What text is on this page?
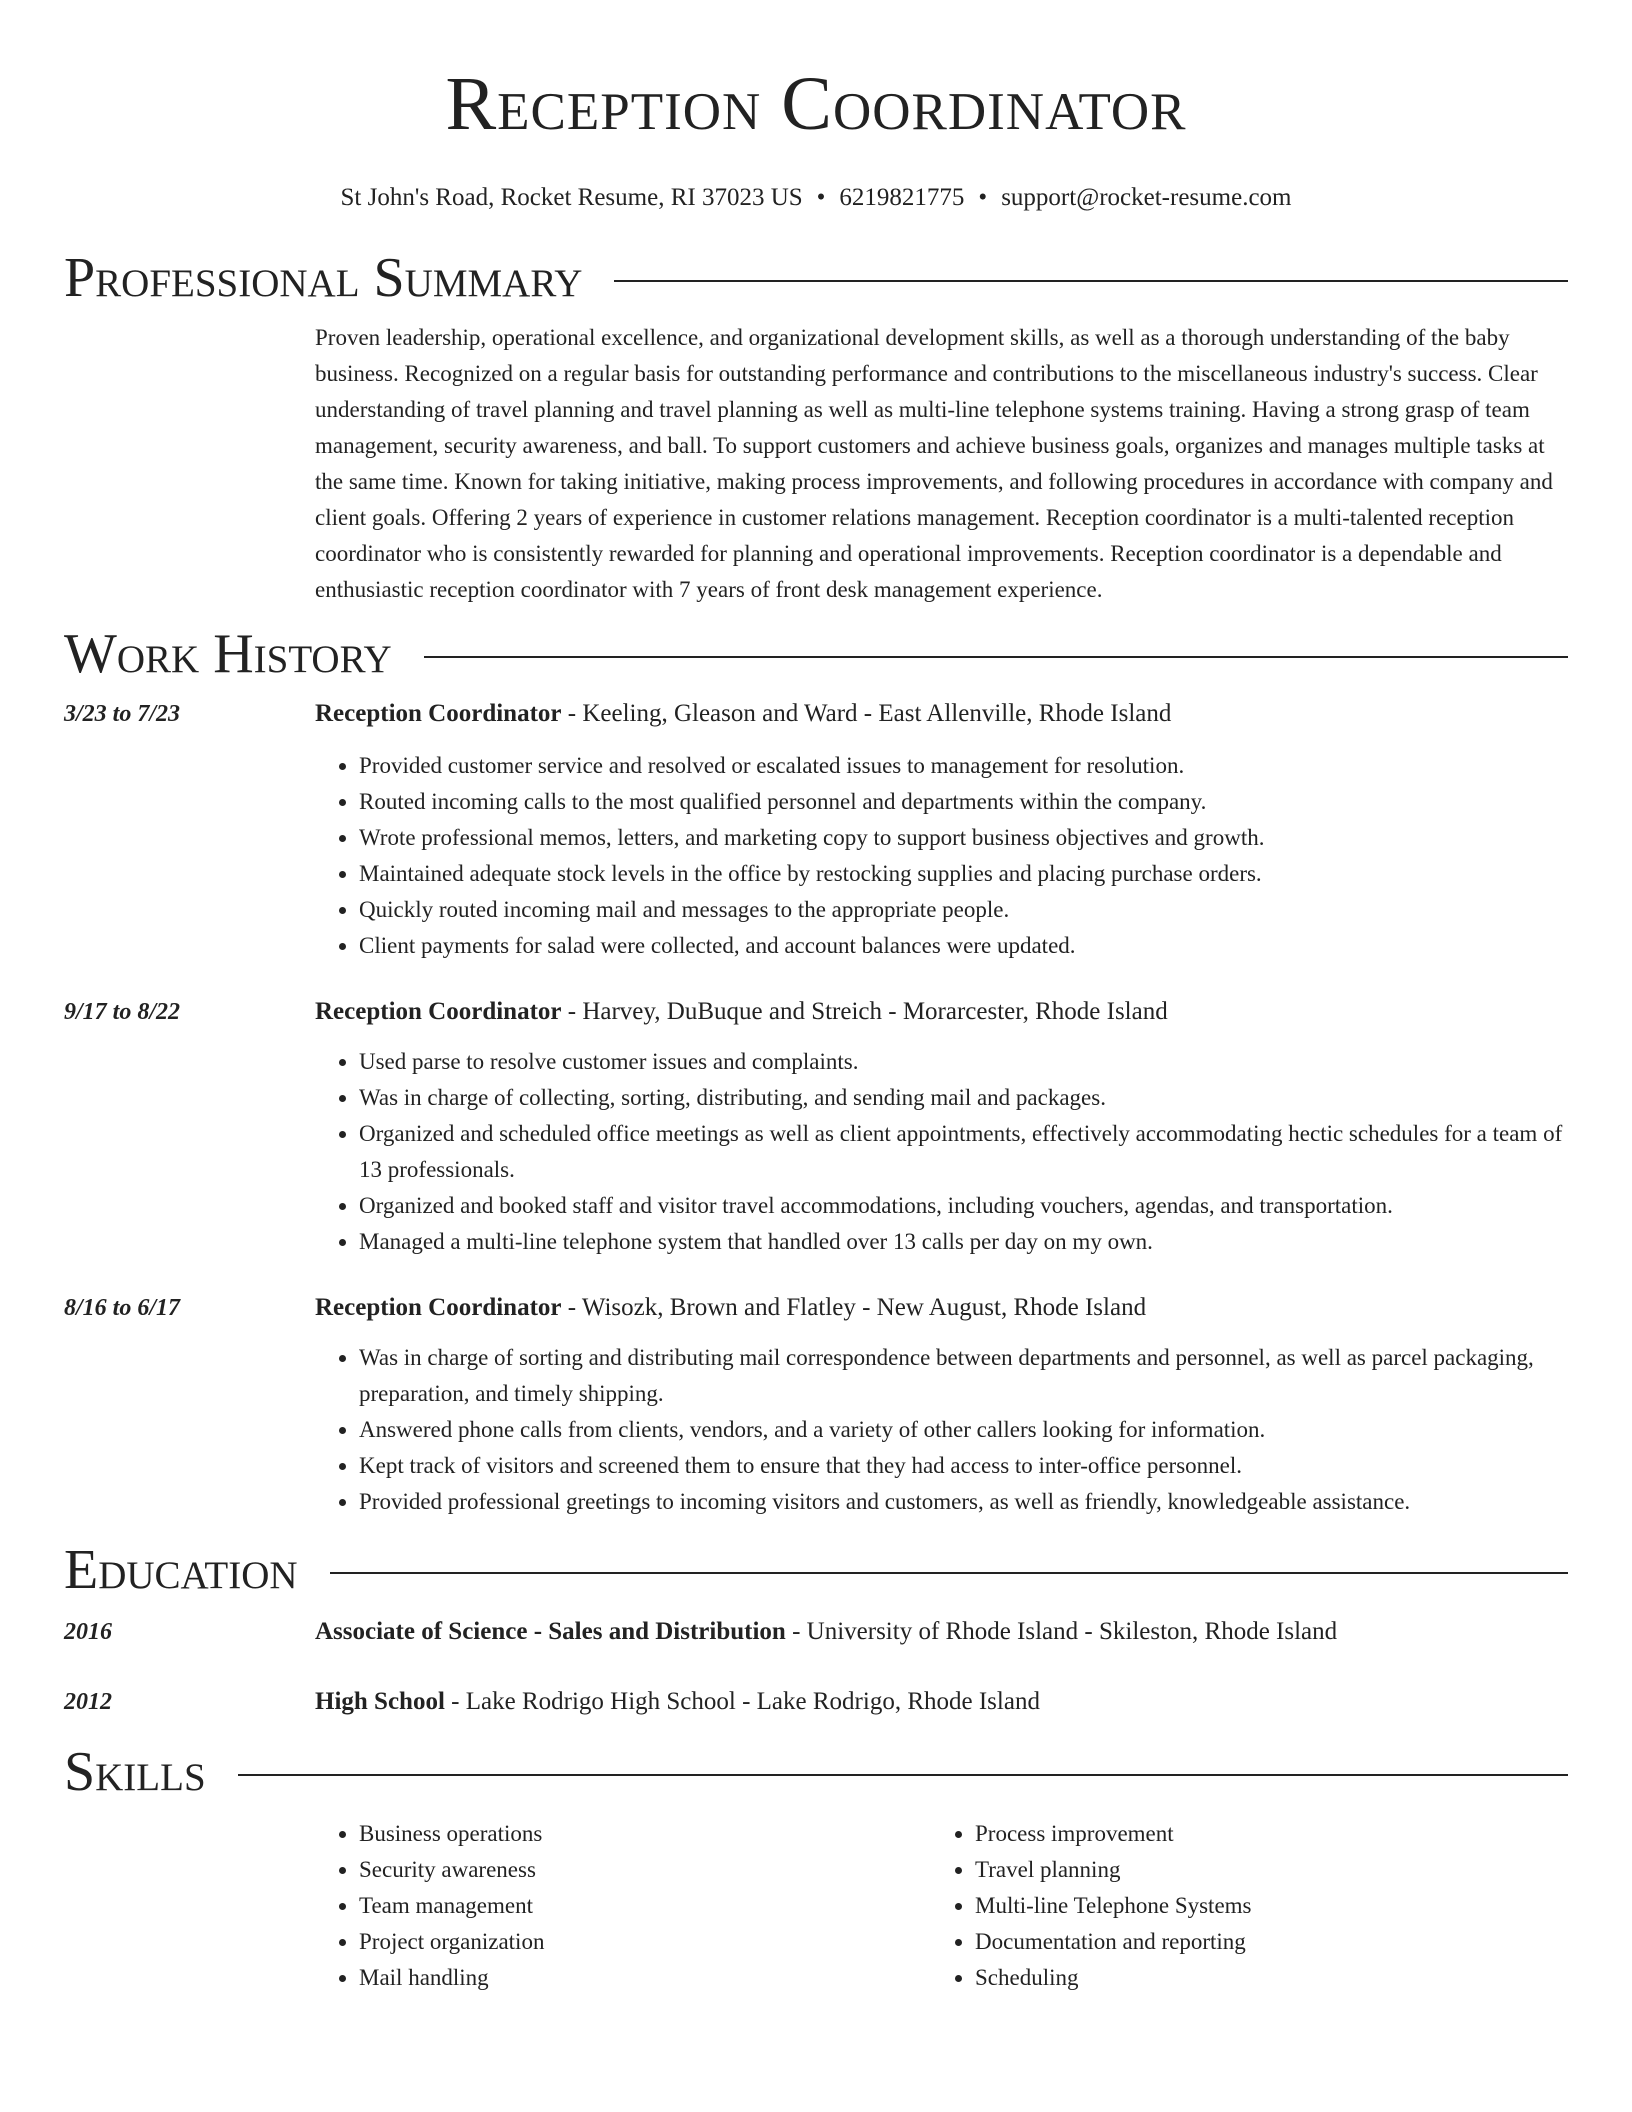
Reception Coordinator
St John's Road, Rocket Resume, RI 37023 US • 6219821775 • support@rocket-resume.com
Professional Summary
Proven leadership, operational excellence, and organizational development skills, as well as a thorough understanding of the baby business. Recognized on a regular basis for outstanding performance and contributions to the miscellaneous industry's success. Clear understanding of travel planning and travel planning as well as multi-line telephone systems training. Having a strong grasp of team management, security awareness, and ball. To support customers and achieve business goals, organizes and manages multiple tasks at the same time. Known for taking initiative, making process improvements, and following procedures in accordance with company and client goals. Offering 2 years of experience in customer relations management. Reception coordinator is a multi-talented reception coordinator who is consistently rewarded for planning and operational improvements. Reception coordinator is a dependable and enthusiastic reception coordinator with 7 years of front desk management experience.
Work History
3/23 to 7/23	Reception Coordinator - Keeling, Gleason and Ward - East Allenville, Rhode Island
• Provided customer service and resolved or escalated issues to management for resolution.
• Routed incoming calls to the most qualified personnel and departments within the company.
• Wrote professional memos, letters, and marketing copy to support business objectives and growth.
• Maintained adequate stock levels in the office by restocking supplies and placing purchase orders.
• Quickly routed incoming mail and messages to the appropriate people.
• Client payments for salad were collected, and account balances were updated.
9/17 to 8/22	Reception Coordinator - Harvey, DuBuque and Streich - Morarcester, Rhode Island
• Used parse to resolve customer issues and complaints.
• Was in charge of collecting, sorting, distributing, and sending mail and packages.
• Organized and scheduled office meetings as well as client appointments, effectively accommodating hectic schedules for a team of 13 professionals.
• Organized and booked staff and visitor travel accommodations, including vouchers, agendas, and transportation.
• Managed a multi-line telephone system that handled over 13 calls per day on my own.
8/16 to 6/17	Reception Coordinator - Wisozk, Brown and Flatley - New August, Rhode Island
• Was in charge of sorting and distributing mail correspondence between departments and personnel, as well as parcel packaging, preparation, and timely shipping.
• Answered phone calls from clients, vendors, and a variety of other callers looking for information.
• Kept track of visitors and screened them to ensure that they had access to inter-office personnel.
• Provided professional greetings to incoming visitors and customers, as well as friendly, knowledgeable assistance.
Education
2016	Associate of Science - Sales and Distribution - University of Rhode Island - Skileston, Rhode Island
2012	High School - Lake Rodrigo High School - Lake Rodrigo, Rhode Island
Skills
• Business operations
• Security awareness
• Team management
• Project organization
• Mail handling
• Process improvement
• Travel planning
• Multi-line Telephone Systems
• Documentation and reporting
• Scheduling
